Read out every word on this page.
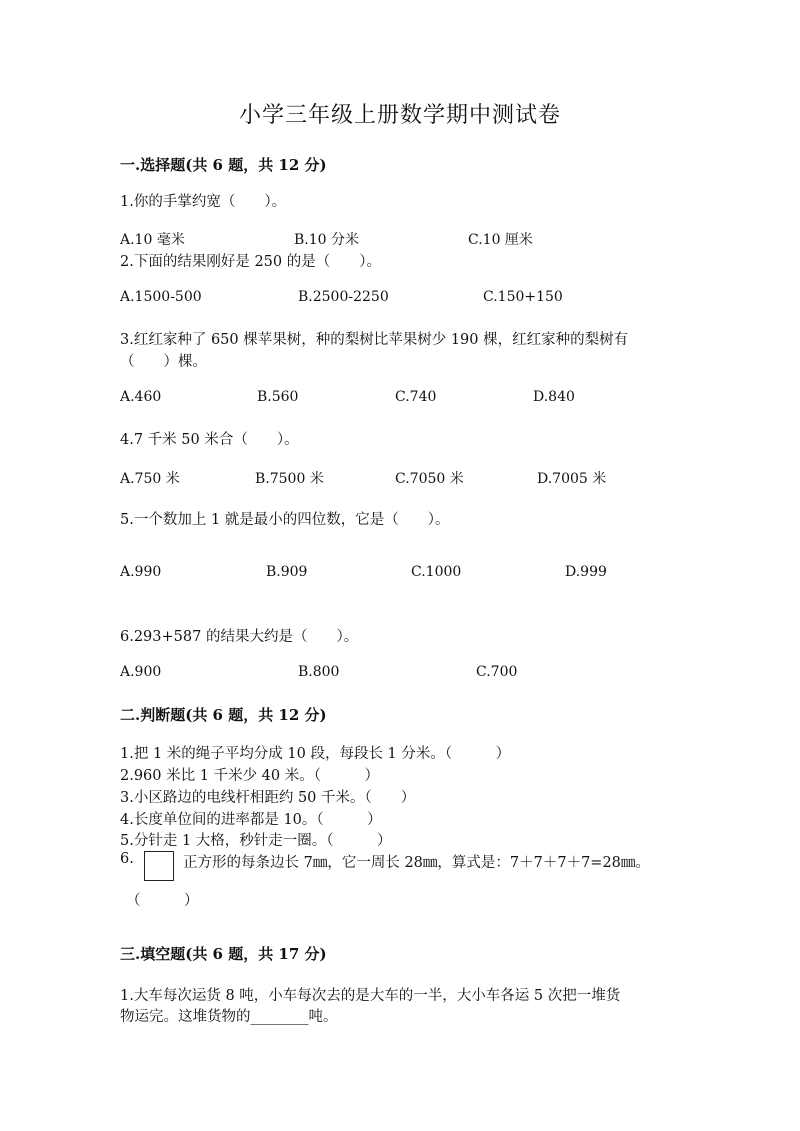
小学三年级上册数学期中测试卷
一.选择题(共 6 题，共 12 分)
1.你的手掌约宽（　　）。
A.10 毫米	B.10 分米	C.10 厘米
2.下面的结果刚好是 250 的是（　　）。
A.1500-500	B.2500-2250	C.150+150
3.红红家种了 650 棵苹果树，种的梨树比苹果树少 190 棵，红红家种的梨树有
（　　）棵。
A.460	B.560	C.740	D.840
4.7 千米 50 米合（　　）。
A.750 米	B.7500 米	C.7050 米	D.7005 米
5.一个数加上 1 就是最小的四位数，它是（　　）。
A.990	B.909	C.1000	D.999
6.293+587 的结果大约是（　　）。
A.900	B.800	C.700
二.判断题(共 6 题，共 12 分)
1.把 1 米的绳子平均分成 10 段，每段长 1 分米。（　　　）
2.960 米比 1 千米少 40 米。（　　　）
3.小区路边的电线杆相距约 50 千米。（　　）
4.长度单位间的进率都是 10。（　　　）
5.分针走 1 大格，秒针走一圈。（　　　）
6.	正方形的每条边长 7㎜，它一周长 28㎜，算式是：7＋7＋7＋7=28㎜。
（　　　）
三.填空题(共 6 题，共 17 分)
1.大车每次运货 8 吨，小车每次去的是大车的一半，大小车各运 5 次把一堆货
物运完。这堆货物的________吨。
